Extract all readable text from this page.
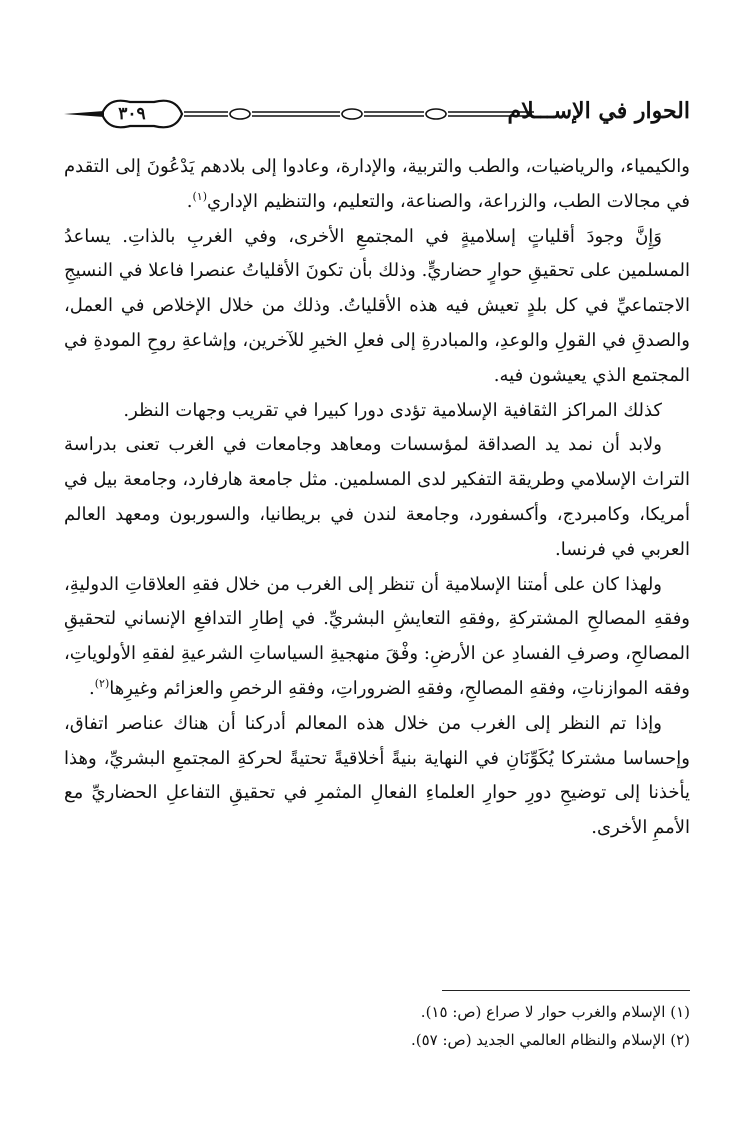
الحوار في الإســـلام
٣٠٩

والكيمياء، والرياضيات، والطب والتربية، والإدارة، وعادوا إلى بلادهم يَدْعُونَ إلى التقدم في مجالات الطب، والزراعة، والصناعة، والتعليم، والتنظيم الإداري$^{(١)}$.

وَإِنَّ وجودَ أقلياتٍ إسلاميةٍ في المجتمعِ الأخرى، وفي الغربِ بالذاتِ. يساعدُ المسلمين على تحقيقِ حوارٍ حضاريٍّ. وذلك بأن تكونَ الأقلياتُ عنصرا فاعلا في النسيجِ الاجتماعيِّ في كل بلدٍ تعيش فيه هذه الأقلياتُ. وذلك من خلال الإخلاص في العمل، والصدقِ في القولِ والوعدِ، والمبادرةِ إلى فعلِ الخيرِ للآخرين، وإشاعةِ روحِ المودةِ في المجتمع الذي يعيشون فيه.

كذلك المراكز الثقافية الإسلامية تؤدى دورا كبيرا في تقريب وجهات النظر.

ولابد أن نمد يد الصداقة لمؤسسات ومعاهد وجامعات في الغرب تعنى بدراسة التراث الإسلامي وطريقة التفكير لدى المسلمين. مثل جامعة هارفارد، وجامعة بيل في أمريكا، وكامبردج، وأكسفورد، وجامعة لندن في بريطانيا، والسوربون ومعهد العالم العربي في فرنسا.

ولهذا كان على أمتنا الإسلامية أن تنظر إلى الغرب من خلال فقهِ العلاقاتِ الدوليةِ، وفقهِ المصالحِ المشتركةِ ,وفقهِ التعايشِ البشريِّ. في إطارِ التدافعِ الإنساني لتحقيقِ المصالحِ، وصرفِ الفسادِ عن الأرضِ: وفْقَ منهجيةِ السياساتِ الشرعيةِ لفقهِ الأولوياتِ، وفقه الموازناتِ، وفقهِ المصالحِ، وفقهِ الضروراتِ، وفقهِ الرخصِ والعزائم وغيرِها$^{(٢)}$.

وإذا تم النظر إلى الغرب من خلال هذه المعالم أدركنا أن هناك عناصر اتفاق، وإحساسا مشتركا يُكَوِّنَانِ في النهاية بنيةً أخلاقيةً تحتيةً لحركةِ المجتمعِ البشريِّ، وهذا يأخذنا إلى توضيحِ دورِ حوارِ العلماءِ الفعالِ المثمرِ في تحقيقِ التفاعلِ الحضاريِّ مع الأممِ الأخرى.

(١) الإسلام والغرب حوار لا صراع (ص: ١٥).
(٢) الإسلام والنظام العالمي الجديد (ص: ٥٧).
